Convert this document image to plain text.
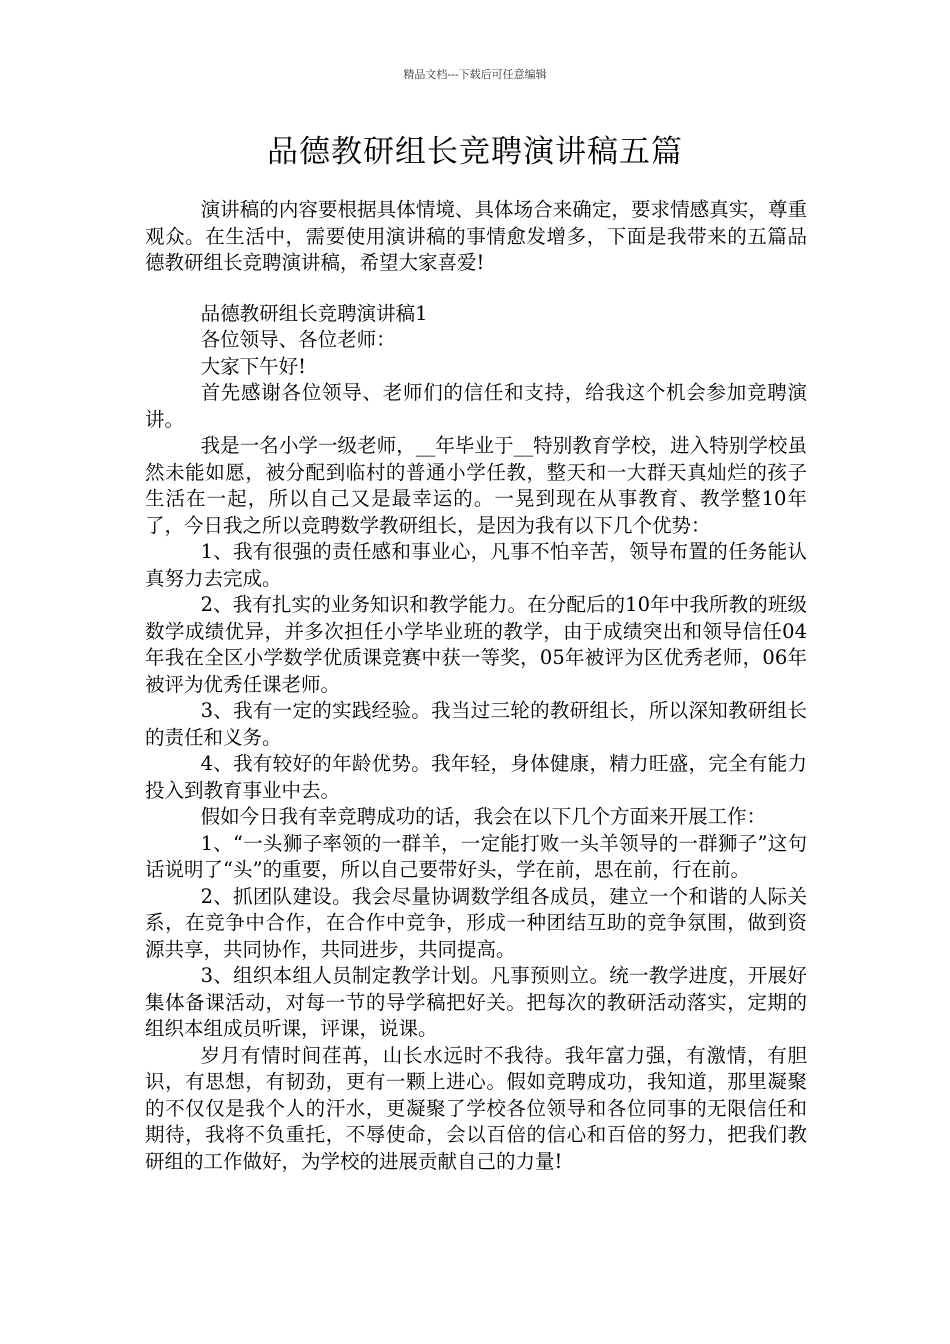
精品文档---下载后可任意编辑
品德教研组长竞聘演讲稿五篇

演讲稿的内容要根据具体情境、具体场合来确定，要求情感真实，尊重观众。在生活中，需要使用演讲稿的事情愈发增多，下面是我带来的五篇品德教研组长竞聘演讲稿，希望大家喜爱!

品德教研组长竞聘演讲稿1

各位领导、各位老师：

大家下午好!

首先感谢各位领导、老师们的信任和支持，给我这个机会参加竞聘演讲。

我是一名小学一级老师，__年毕业于__特别教育学校，进入特别学校虽然未能如愿，被分配到临村的普通小学任教，整天和一大群天真灿烂的孩子生活在一起，所以自己又是最幸运的。一晃到现在从事教育、教学整10年了，今日我之所以竞聘数学教研组长，是因为我有以下几个优势：

1、我有很强的责任感和事业心，凡事不怕辛苦，领导布置的任务能认真努力去完成。

2、我有扎实的业务知识和教学能力。在分配后的10年中我所教的班级数学成绩优异，并多次担任小学毕业班的教学，由于成绩突出和领导信任04年我在全区小学数学优质课竞赛中获一等奖，05年被评为区优秀老师，06年被评为优秀任课老师。

3、我有一定的实践经验。我当过三轮的教研组长，所以深知教研组长的责任和义务。

4、我有较好的年龄优势。我年轻，身体健康，精力旺盛，完全有能力投入到教育事业中去。

假如今日我有幸竞聘成功的话，我会在以下几个方面来开展工作：

1、“一头狮子率领的一群羊，一定能打败一头羊领导的一群狮子”这句话说明了“头”的重要，所以自己要带好头，学在前，思在前，行在前。

2、抓团队建设。我会尽量协调数学组各成员，建立一个和谐的人际关系，在竞争中合作，在合作中竞争，形成一种团结互助的竞争氛围，做到资源共享，共同协作，共同进步，共同提高。

3、组织本组人员制定教学计划。凡事预则立。统一教学进度，开展好集体备课活动，对每一节的导学稿把好关。把每次的教研活动落实，定期的组织本组成员听课，评课，说课。

岁月有情时间荏苒，山长水远时不我待。我年富力强，有激情，有胆识，有思想，有韧劲，更有一颗上进心。假如竞聘成功，我知道，那里凝聚的不仅仅是我个人的汗水，更凝聚了学校各位领导和各位同事的无限信任和期待，我将不负重托，不辱使命，会以百倍的信心和百倍的努力，把我们教研组的工作做好，为学校的进展贡献自己的力量!
